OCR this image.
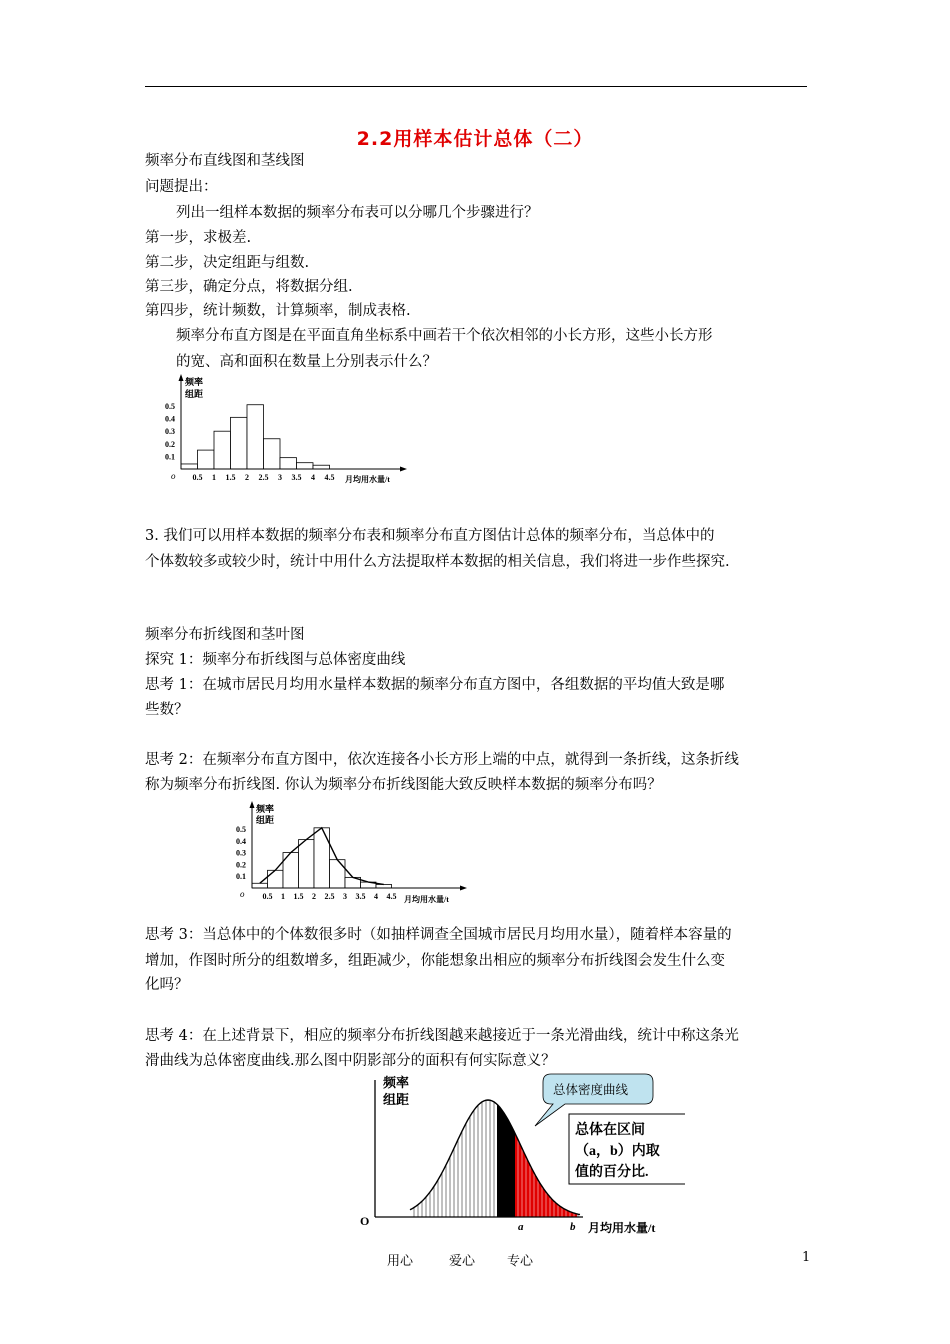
2.2用样本估计总体（二）
频率分布直线图和茎线图
问题提出：
列出一组样本数据的频率分布表可以分哪几个步骤进行？
第一步，求极差.
第二步，决定组距与组数.
第三步，确定分点，将数据分组.
第四步，统计频数，计算频率，制成表格.
频率分布直方图是在平面直角坐标系中画若干个依次相邻的小长方形，这些小长方形
的宽、高和面积在数量上分别表示什么？
频率
组距
o	月均用水量/t
0.5 1 1.5 2 2.5 3 3.5 4 4.5
0.1
0.2
0.3
0.4
0.5
3. 我们可以用样本数据的频率分布表和频率分布直方图估计总体的频率分布，当总体中的
个体数较多或较少时，统计中用什么方法提取样本数据的相关信息，我们将进一步作些探究.
频率分布折线图和茎叶图
探究 1：频率分布折线图与总体密度曲线
思考 1：在城市居民月均用水量样本数据的频率分布直方图中，各组数据的平均值大致是哪
些数？
思考 2：在频率分布直方图中，依次连接各小长方形上端的中点，就得到一条折线，这条折线
称为频率分布折线图. 你认为频率分布折线图能大致反映样本数据的频率分布吗？
频率
组距
o
月均用水量/t
0.5 1 1.5 2 2.5 3 3.5 4 4.5
0.1
0.2
0.3
0.4
0.5
思考 3：当总体中的个体数很多时（如抽样调查全国城市居民月均用水量），随着样本容量的
增加，作图时所分的组数增多，组距减少，你能想象出相应的频率分布折线图会发生什么变
化吗？
思考 4：在上述背景下，相应的频率分布折线图越来越接近于一条光滑曲线，统计中称这条光
滑曲线为总体密度曲线.那么图中阴影部分的面积有何实际意义？
频率
组距
O	a	b 月均用水量/t
总体密度曲线
总体在区间
（a，b）内取
值的百分比.
用心	爱心 专心	1
